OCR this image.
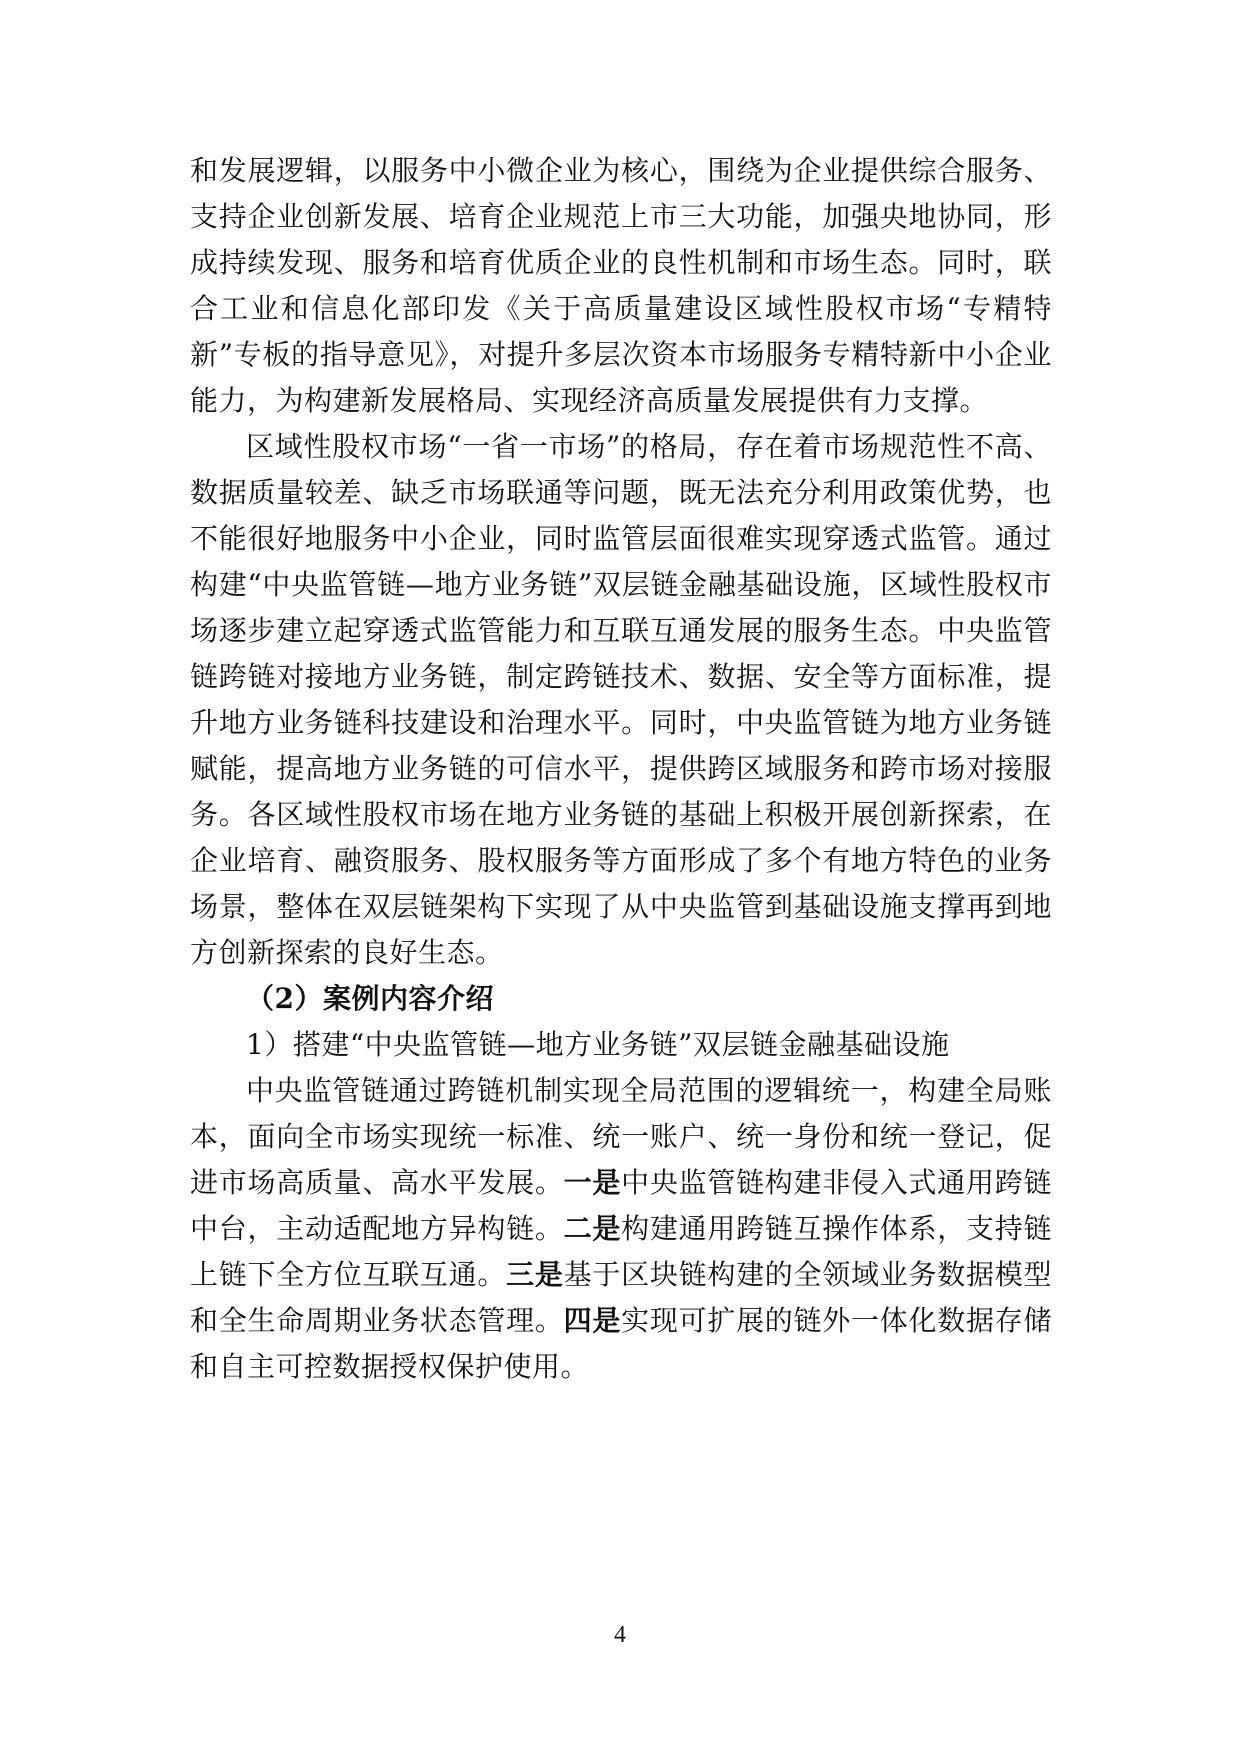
和发展逻辑，以服务中小微企业为核心，围绕为企业提供综合服务、支持企业创新发展、培育企业规范上市三大功能，加强央地协同，形成持续发现、服务和培育优质企业的良性机制和市场生态。同时，联合工业和信息化部印发《关于高质量建设区域性股权市场“专精特新”专板的指导意见》，对提升多层次资本市场服务专精特新中小企业能力，为构建新发展格局、实现经济高质量发展提供有力支撑。

区域性股权市场“一省一市场”的格局，存在着市场规范性不高、数据质量较差、缺乏市场联通等问题，既无法充分利用政策优势，也不能很好地服务中小企业，同时监管层面很难实现穿透式监管。通过构建“中央监管链—地方业务链”双层链金融基础设施，区域性股权市场逐步建立起穿透式监管能力和互联互通发展的服务生态。中央监管链跨链对接地方业务链，制定跨链技术、数据、安全等方面标准，提升地方业务链科技建设和治理水平。同时，中央监管链为地方业务链赋能，提高地方业务链的可信水平，提供跨区域服务和跨市场对接服务。各区域性股权市场在地方业务链的基础上积极开展创新探索，在企业培育、融资服务、股权服务等方面形成了多个有地方特色的业务场景，整体在双层链架构下实现了从中央监管到基础设施支撑再到地方创新探索的良好生态。

（2）案例内容介绍

1）搭建“中央监管链—地方业务链”双层链金融基础设施

中央监管链通过跨链机制实现全局范围的逻辑统一，构建全局账本，面向全市场实现统一标准、统一账户、统一身份和统一登记，促进市场高质量、高水平发展。一是中央监管链构建非侵入式通用跨链中台，主动适配地方异构链。二是构建通用跨链互操作体系，支持链上链下全方位互联互通。三是基于区块链构建的全领域业务数据模型和全生命周期业务状态管理。四是实现可扩展的链外一体化数据存储和自主可控数据授权保护使用。

4
